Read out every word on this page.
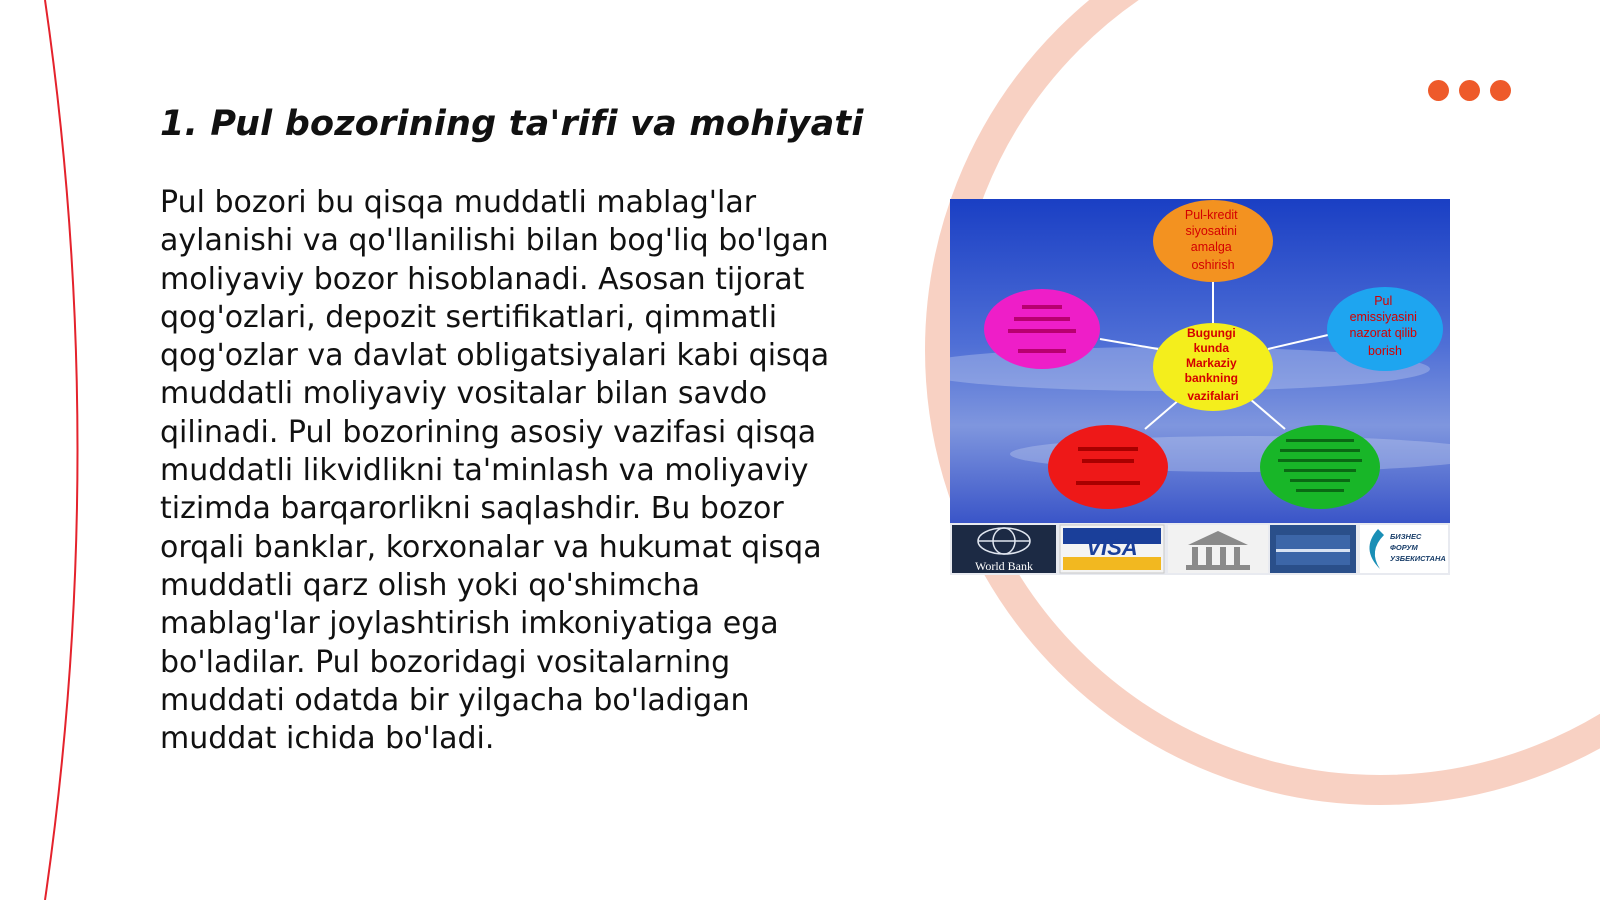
1. Pul bozorining ta'rifi va mohiyati

Pul bozori bu qisqa muddatli mablag'lar aylanishi va qo'llanilishi bilan bog'liq bo'lgan moliyaviy bozor hisoblanadi. Asosan tijorat qog'ozlari, depozit sertifikatlari, qimmatli qog'ozlar va davlat obligatsiyalari kabi qisqa muddatli moliyaviy vositalar bilan savdo qilinadi. Pul bozorining asosiy vazifasi qisqa muddatli likvidlikni ta'minlash va moliyaviy tizimda barqarorlikni saqlashdir. Bu bozor orqali banklar, korxonalar va hukumat qisqa muddatli qarz olish yoki qo'shimcha mablag'lar joylashtirish imkoniyatiga ega bo'ladilar. Pul bozoridagi vositalarning muddati odatda bir yilgacha bo'ladigan muddat ichida bo'ladi.

Pul-kredit siyosatini amalga oshirish
Pul emissiyasini nazorat qilib borish
Bugungi kunda Markaziy bankning vazifalari
World Bank
VISA	БИЗНЕС ФОРУМ УЗБЕКИСТАНА
